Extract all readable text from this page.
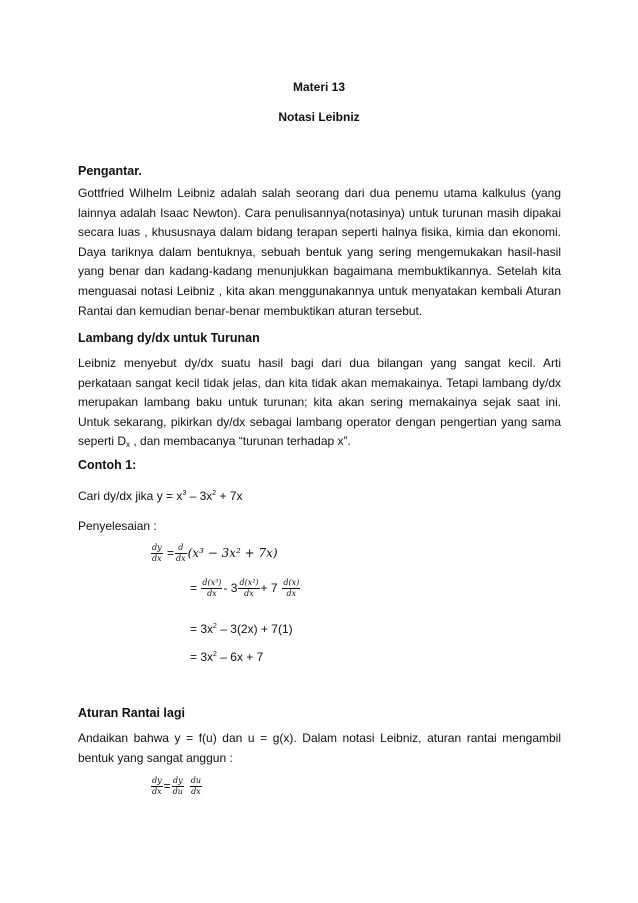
Materi 13
Notasi Leibniz
Pengantar.
Gottfried Wilhelm Leibniz adalah salah seorang dari dua penemu utama kalkulus (yang lainnya adalah Isaac Newton). Cara penulisannya(notasinya) untuk turunan masih dipakai secara luas , khususnaya dalam bidang terapan seperti halnya fisika, kimia dan ekonomi. Daya tariknya dalam bentuknya, sebuah bentuk yang sering mengemukakan hasil-hasil yang benar dan kadang-kadang menunjukkan bagaimana membuktikannya. Setelah kita menguasai notasi Leibniz , kita akan menggunakannya untuk menyatakan kembali Aturan Rantai dan kemudian benar-benar membuktikan aturan tersebut.
Lambang dy/dx untuk Turunan
Leibniz menyebut dy/dx suatu hasil bagi dari dua bilangan yang sangat kecil. Arti perkataan sangat kecil tidak jelas, dan kita tidak akan memakainya. Tetapi lambang dy/dx merupakan lambang baku untuk turunan; kita akan sering memakainya sejak saat ini. Untuk sekarang, pikirkan dy/dx sebagai lambang operator dengan pengertian yang sama seperti $D_x$ , dan membacanya “turunan terhadap x”.
Contoh 1:
Cari dy/dx jika $y = x^3 - 3x^2 + 7x$
Penyelesaian :
$\frac{dy}{dx} = \frac{d}{dx} (x^3 - 3x^2 + 7x)$
= $\frac{\text{d(x³)}}{dx} - 3 \frac{\text{d(x²)}}{dx} + 7 \frac{d(x)}{dx}$
= $3x^2 - 3(2x) + 7(1)$
= $3x^2 - 6x + 7$
Aturan Rantai lagi
Andaikan bahwa y = f(u) dan u = g(x). Dalam notasi Leibniz, aturan rantai mengambil bentuk yang sangat anggun :
$\frac{dy}{dx} = \frac{dy}{du}$
$\frac{du}{dx}$
